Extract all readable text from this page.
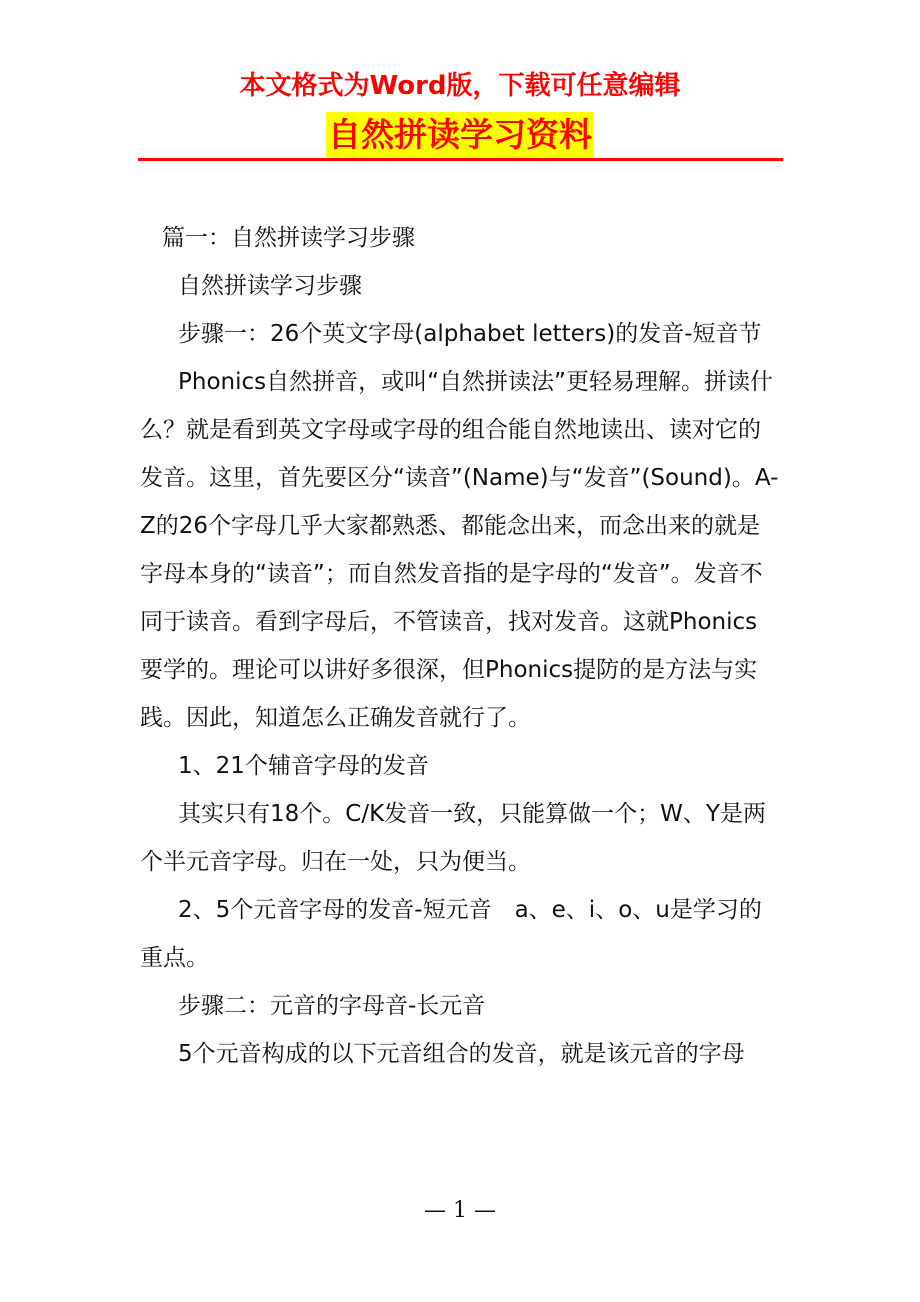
本文格式为Word版，下载可任意编辑
自然拼读学习资料

篇一：自然拼读学习步骤

自然拼读学习步骤

步骤一：26个英文字母(alphabet letters)的发音-短音节

Phonics自然拼音，或叫“自然拼读法”更轻易理解。拼读什么？就是看到英文字母或字母的组合能自然地读出、读对它的发音。这里，首先要区分“读音”(Name)与“发音”(Sound)。A-Z的26个字母几乎大家都熟悉、都能念出来，而念出来的就是字母本身的“读音”；而自然发音指的是字母的“发音”。发音不同于读音。看到字母后，不管读音，找对发音。这就Phonics要学的。理论可以讲好多很深，但Phonics提防的是方法与实践。因此，知道怎么正确发音就行了。

1、21个辅音字母的发音

其实只有18个。C/K发音一致，只能算做一个；W、Y是两个半元音字母。归在一处，只为便当。

2、5个元音字母的发音-短元音　a、e、i、o、u是学习的重点。

步骤二：元音的字母音-长元音

5个元音构成的以下元音组合的发音，就是该元音的字母

— 1 —
